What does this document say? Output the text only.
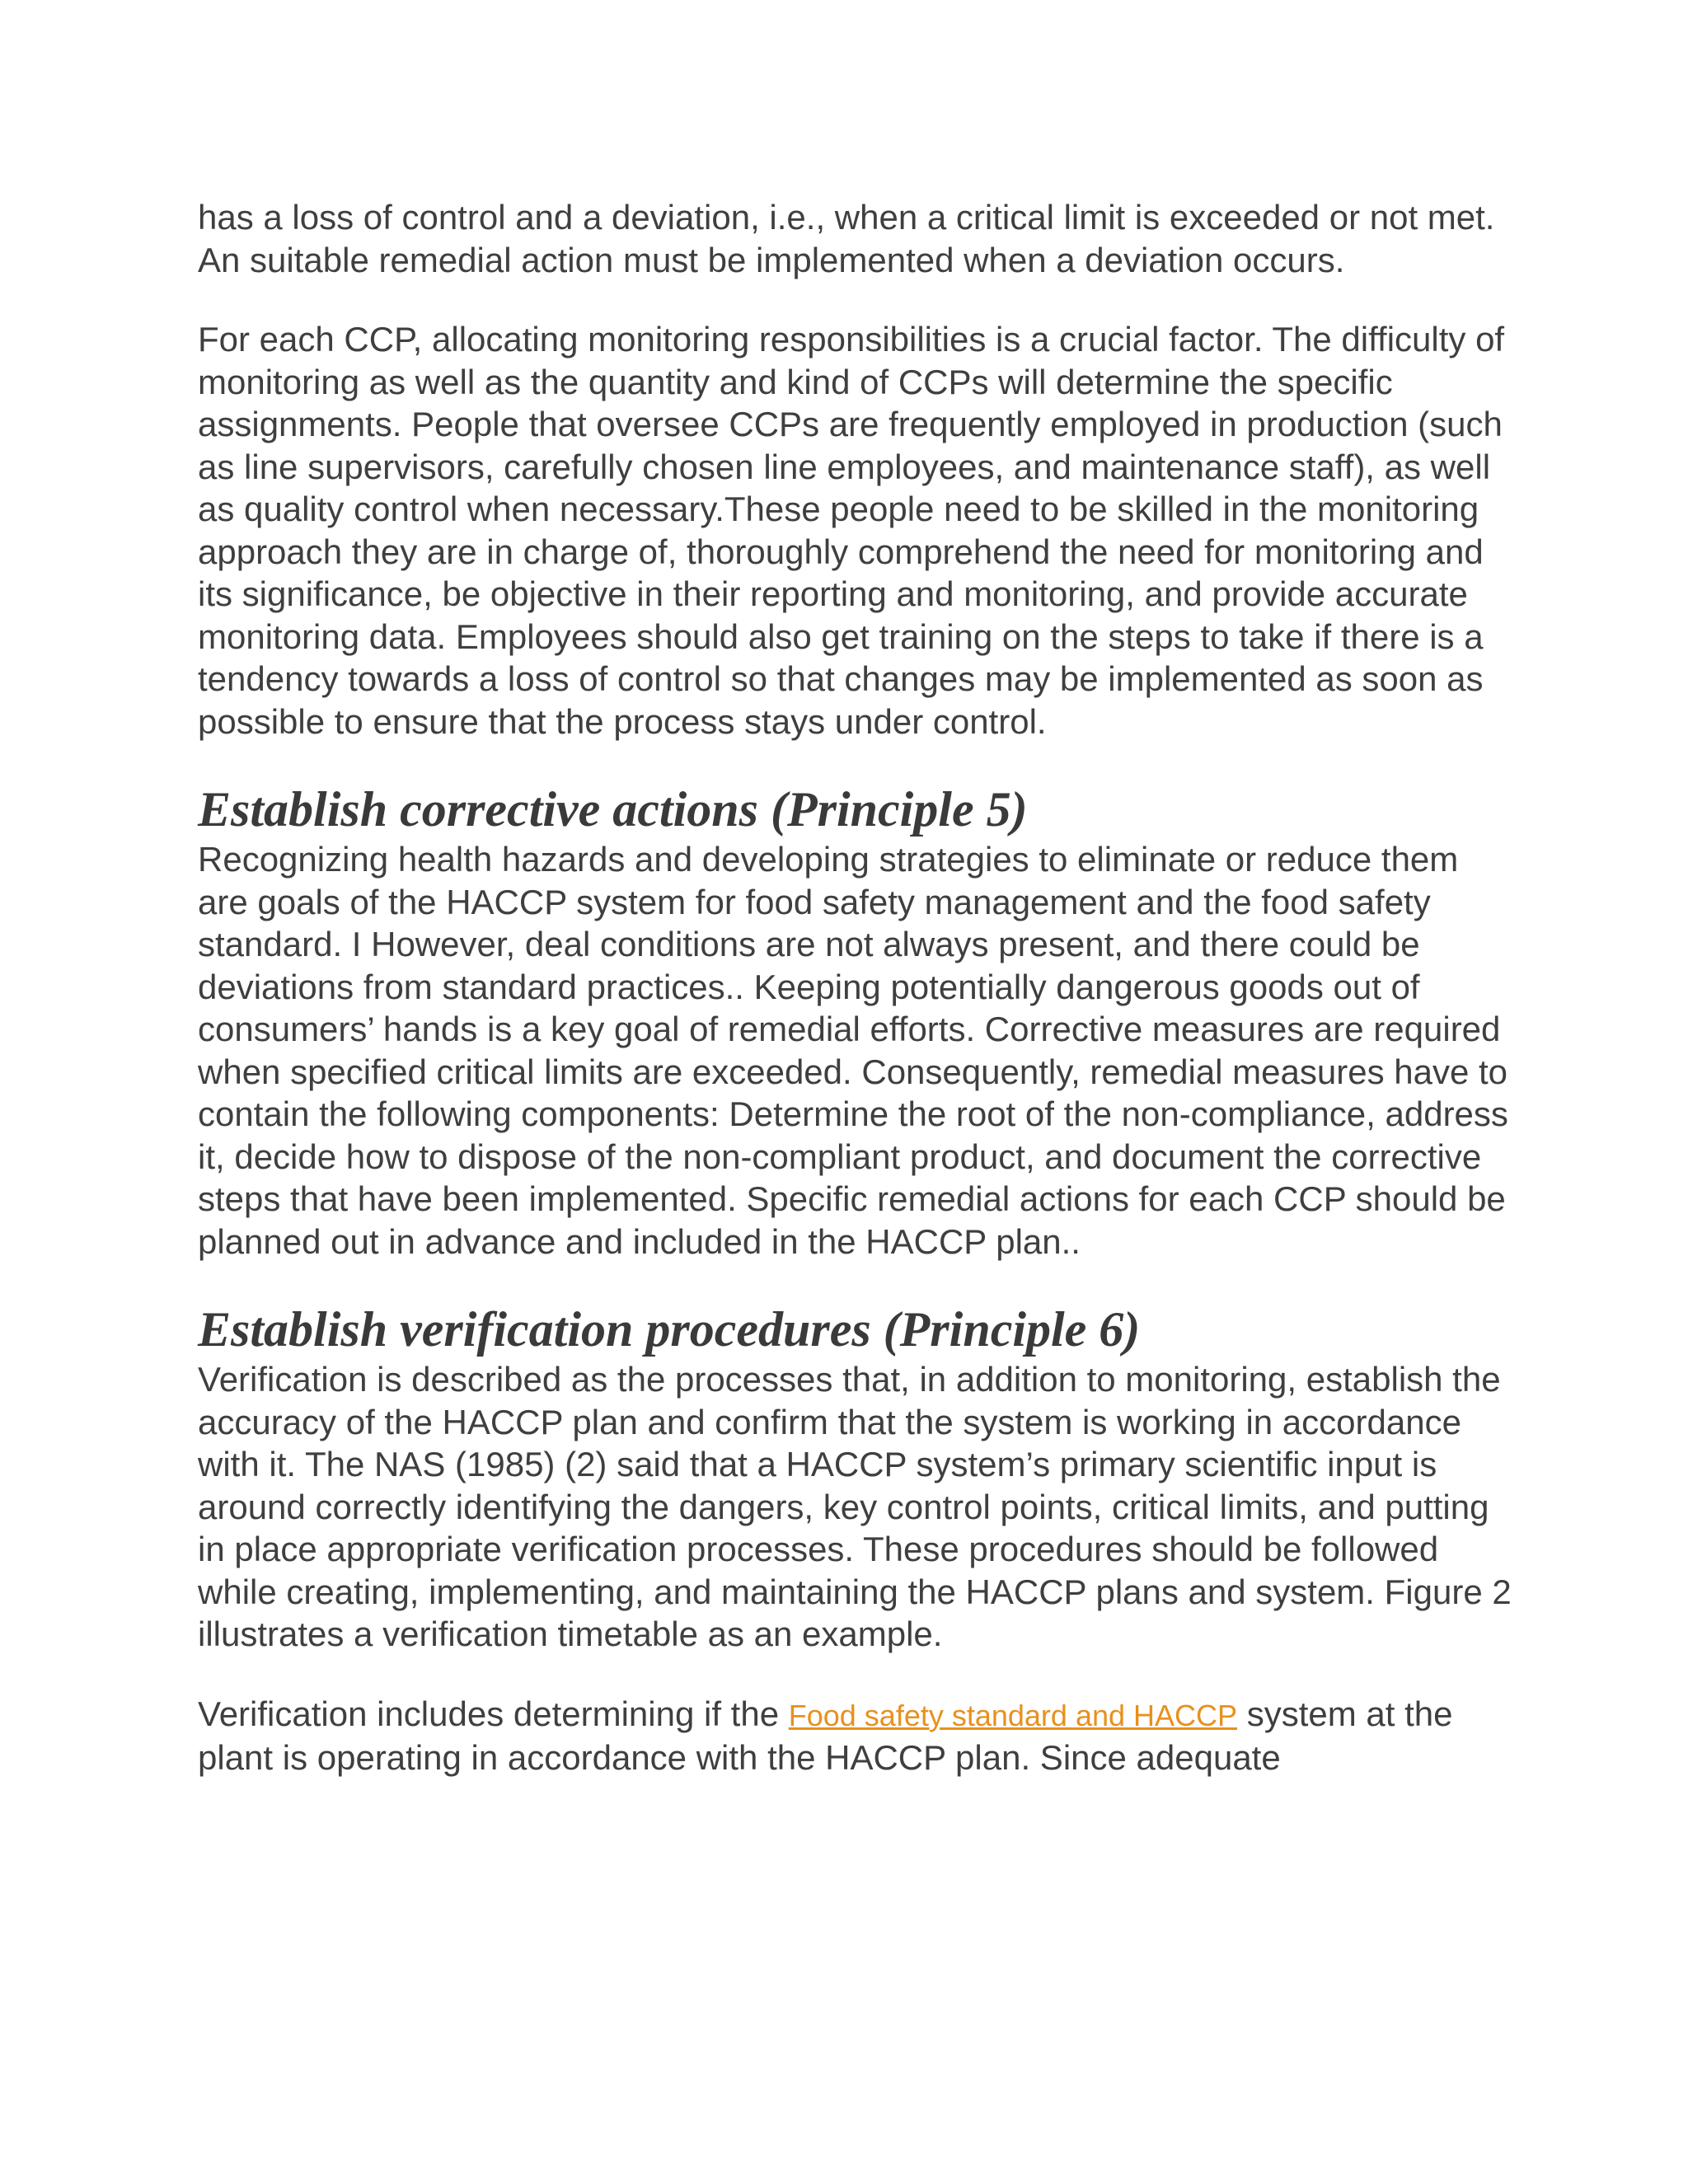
has a loss of control and a deviation, i.e., when a critical limit is exceeded or not met. An suitable remedial action must be implemented when a deviation occurs.

For each CCP, allocating monitoring responsibilities is a crucial factor. The difficulty of monitoring as well as the quantity and kind of CCPs will determine the specific assignments. People that oversee CCPs are frequently employed in production (such as line supervisors, carefully chosen line employees, and maintenance staff), as well as quality control when necessary.These people need to be skilled in the monitoring approach they are in charge of, thoroughly comprehend the need for monitoring and its significance, be objective in their reporting and monitoring, and provide accurate monitoring data. Employees should also get training on the steps to take if there is a tendency towards a loss of control so that changes may be implemented as soon as possible to ensure that the process stays under control.

Establish corrective actions (Principle 5)

Recognizing health hazards and developing strategies to eliminate or reduce them are goals of the HACCP system for food safety management and the food safety standard. I However, deal conditions are not always present, and there could be deviations from standard practices.. Keeping potentially dangerous goods out of consumers’ hands is a key goal of remedial efforts. Corrective measures are required when specified critical limits are exceeded. Consequently, remedial measures have to contain the following components: Determine the root of the non-compliance, address it, decide how to dispose of the non-compliant product, and document the corrective steps that have been implemented. Specific remedial actions for each CCP should be planned out in advance and included in the HACCP plan..

Establish verification procedures (Principle 6)

Verification is described as the processes that, in addition to monitoring, establish the accuracy of the HACCP plan and confirm that the system is working in accordance with it. The NAS (1985) (2) said that a HACCP system’s primary scientific input is around correctly identifying the dangers, key control points, critical limits, and putting in place appropriate verification processes. These procedures should be followed while creating, implementing, and maintaining the HACCP plans and system. Figure 2 illustrates a verification timetable as an example.

Verification includes determining if the Food safety standard and HACCP system at the plant is operating in accordance with the HACCP plan. Since adequate
